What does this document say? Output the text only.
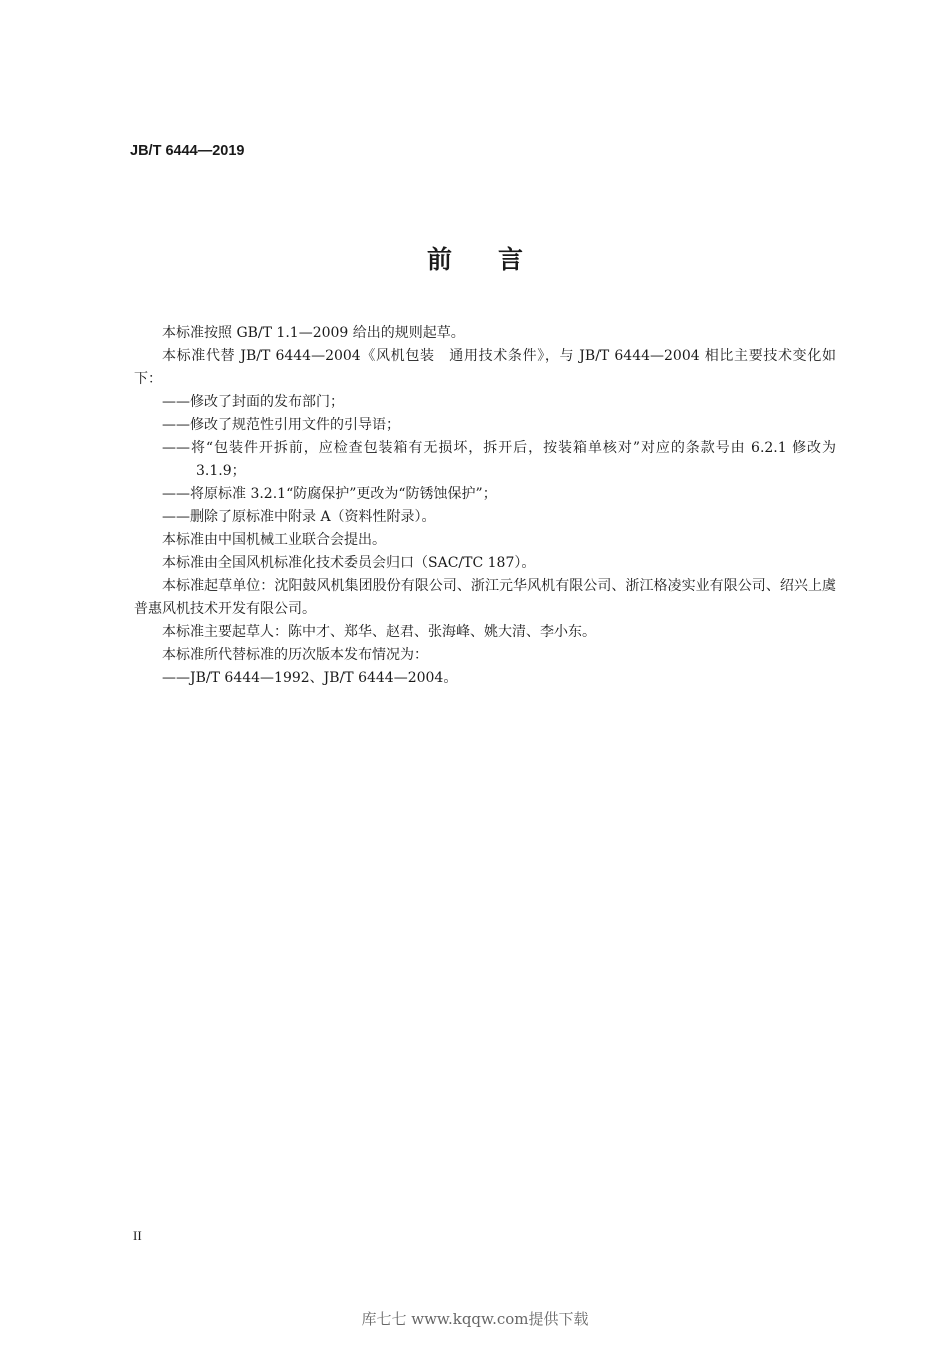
JB/T 6444—2019
前言

本标准按照 GB/T 1.1—2009 给出的规则起草。

本标准代替 JB/T 6444—2004《风机包装　通用技术条件》，与 JB/T 6444—2004 相比主要技术变化如下：

——修改了封面的发布部门；

——修改了规范性引用文件的引导语；

——将“包装件开拆前，应检查包装箱有无损坏，拆开后，按装箱单核对”对应的条款号由 6.2.1 修改为 3.1.9；

——将原标准 3.2.1“防腐保护”更改为“防锈蚀保护”；

——删除了原标准中附录 A（资料性附录）。

本标准由中国机械工业联合会提出。

本标准由全国风机标准化技术委员会归口（SAC/TC 187）。

本标准起草单位：沈阳鼓风机集团股份有限公司、浙江元华风机有限公司、浙江格凌实业有限公司、绍兴上虞普惠风机技术开发有限公司。

本标准主要起草人：陈中才、郑华、赵君、张海峰、姚大清、李小东。

本标准所代替标准的历次版本发布情况为：

——JB/T 6444—1992、JB/T 6444—2004。

II
库七七 www.kqqw.com提供下载
